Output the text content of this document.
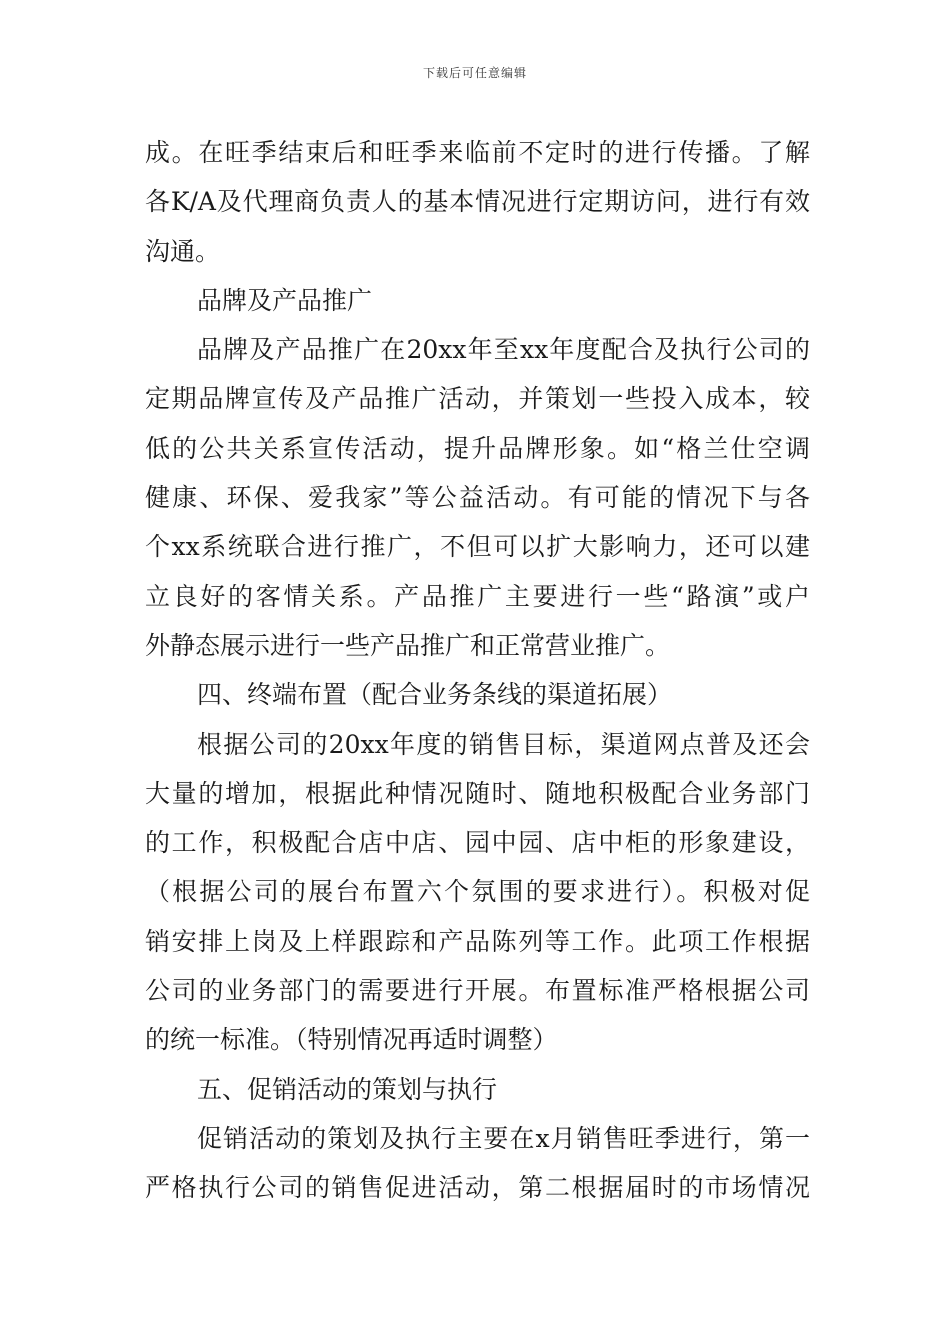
下载后可任意编辑
成。在旺季结束后和旺季来临前不定时的进行传播。了解
各K/A及代理商负责人的基本情况进行定期访问，进行有效
沟通。
品牌及产品推广
品牌及产品推广在20xx年至xx年度配合及执行公司的
定期品牌宣传及产品推广活动，并策划一些投入成本，较
低的公共关系宣传活动，提升品牌形象。如“格兰仕空调
健康、环保、爱我家”等公益活动。有可能的情况下与各
个xx系统联合进行推广，不但可以扩大影响力，还可以建
立良好的客情关系。产品推广主要进行一些“路演”或户
外静态展示进行一些产品推广和正常营业推广。
四、终端布置（配合业务条线的渠道拓展）
根据公司的20xx年度的销售目标，渠道网点普及还会
大量的增加，根据此种情况随时、随地积极配合业务部门
的工作，积极配合店中店、园中园、店中柜的形象建设，
（根据公司的展台布置六个氛围的要求进行）。积极对促
销安排上岗及上样跟踪和产品陈列等工作。此项工作根据
公司的业务部门的需要进行开展。布置标准严格根据公司
的统一标准。（特别情况再适时调整）
五、促销活动的策划与执行
促销活动的策划及执行主要在x月销售旺季进行，第一
严格执行公司的销售促进活动，第二根据届时的市场情况
